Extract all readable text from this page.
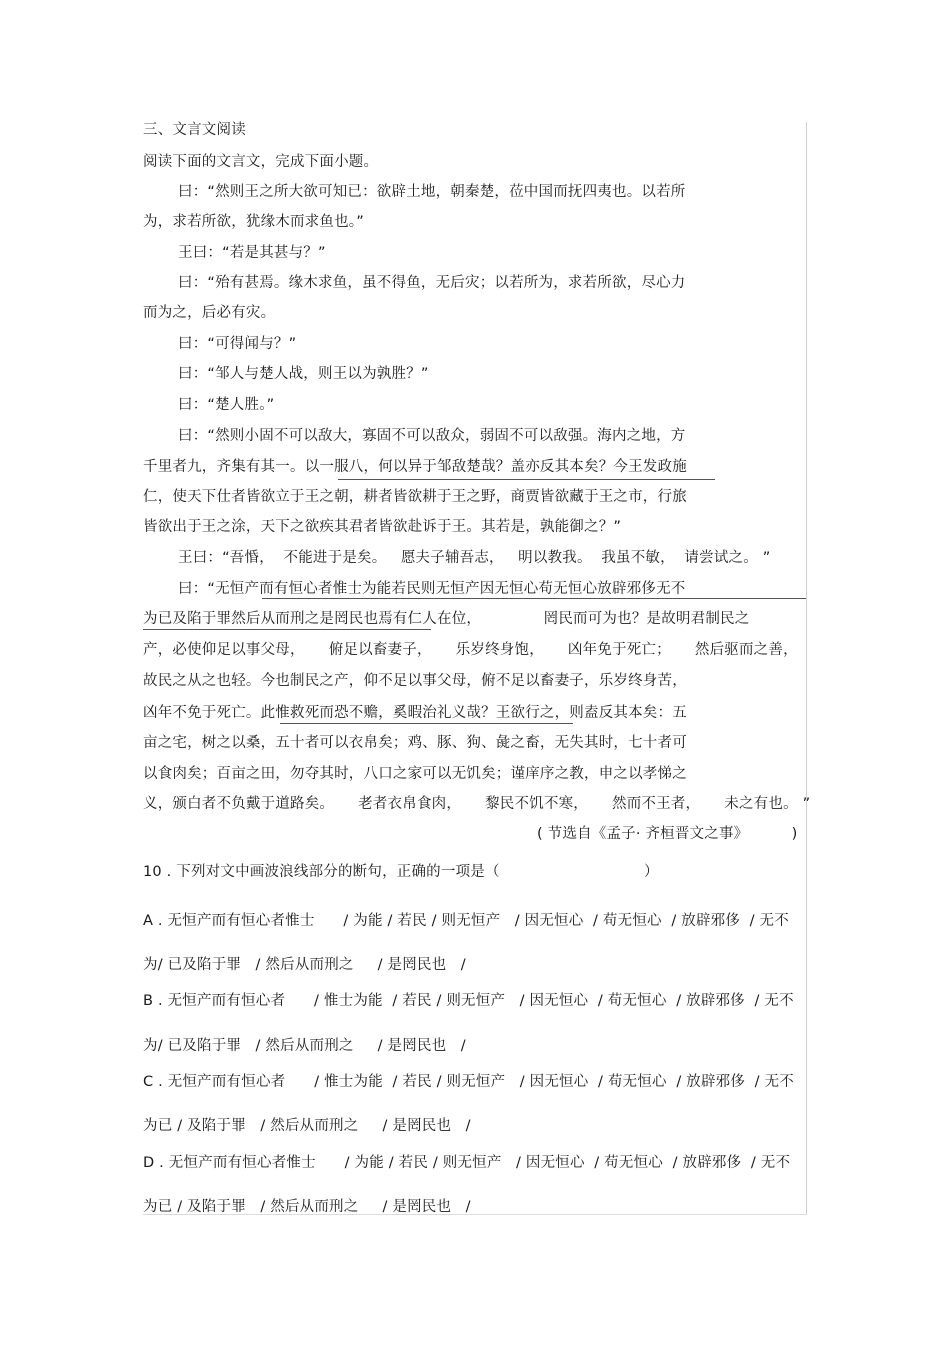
三、文言文阅读
阅读下面的文言文，完成下面小题。
曰：“然则王之所大欲可知已：欲辟土地，朝秦楚，莅中国而抚四夷也。以若所
为，求若所欲，犹缘木而求鱼也。”
王曰：“若是其甚与？”
曰：“殆有甚焉。缘木求鱼，虽不得鱼，无后灾；以若所为，求若所欲，尽心力
而为之，后必有灾。
曰：“可得闻与？”
曰：“邹人与楚人战，则王以为孰胜？”
曰：“楚人胜。”
曰：“然则小固不可以敌大，寡固不可以敌众，弱固不可以敌强。海内之地，方
千里者九，齐集有其一。以一服八，何以异于邹敌楚哉？盖亦反其本矣？今王发政施
仁，使天下仕者皆欲立于王之朝，耕者皆欲耕于王之野，商贾皆欲藏于王之市，行旅
皆欲出于王之涂，天下之欲疾其君者皆欲赴诉于王。其若是，孰能御之？”
王曰：“吾惛，  不能进于是矣。   愿夫子辅吾志，   明以教我。  我虽不敏，  请尝试之。 ”
曰：“无恒产而有恒心者惟士为能若民则无恒产因无恒心苟无恒心放辟邪侈无不
为已及陷于罪然后从而刑之是罔民也焉有仁人在位，             罔民而可为也？是故明君制民之
产，必使仰足以事父母，     俯足以畜妻子，     乐岁终身饱，     凶年免于死亡；     然后驱而之善，
故民之从之也轻。今也制民之产，仰不足以事父母，俯不足以畜妻子，乐岁终身苦，
凶年不免于死亡。此惟救死而恐不赡，奚暇治礼义哉？王欲行之，则盍反其本矣：五
亩之宅，树之以桑，五十者可以衣帛矣；鸡、豚、狗、彘之畜，无失其时，七十者可
以食肉矣；百亩之田，勿夺其时，八口之家可以无饥矣；谨庠序之教，申之以孝悌之
义，颁白者不负戴于道路矣。     老者衣帛食肉，     黎民不饥不寒，     然而不王者，     未之有也。 ”
( 节选自《孟子· 齐桓晋文之事》         )
10 . 下列对文中画波浪线部分的断句，正确的一项是（                              ）
A . 无恒产而有恒心者惟士      / 为能 / 若民 / 则无恒产   / 因无恒心  / 苟无恒心  / 放辟邪侈  / 无不
为/ 已及陷于罪   / 然后从而刑之     / 是罔民也   /
B . 无恒产而有恒心者      / 惟士为能  / 若民 / 则无恒产   / 因无恒心  / 苟无恒心  / 放辟邪侈  / 无不
为/ 已及陷于罪   / 然后从而刑之     / 是罔民也   /
C . 无恒产而有恒心者      / 惟士为能  / 若民 / 则无恒产   / 因无恒心  / 苟无恒心  / 放辟邪侈  / 无不
为已 / 及陷于罪   / 然后从而刑之     / 是罔民也   /
D . 无恒产而有恒心者惟士      / 为能 / 若民 / 则无恒产   / 因无恒心  / 苟无恒心  / 放辟邪侈  / 无不
为已 / 及陷于罪   / 然后从而刑之     / 是罔民也   /
